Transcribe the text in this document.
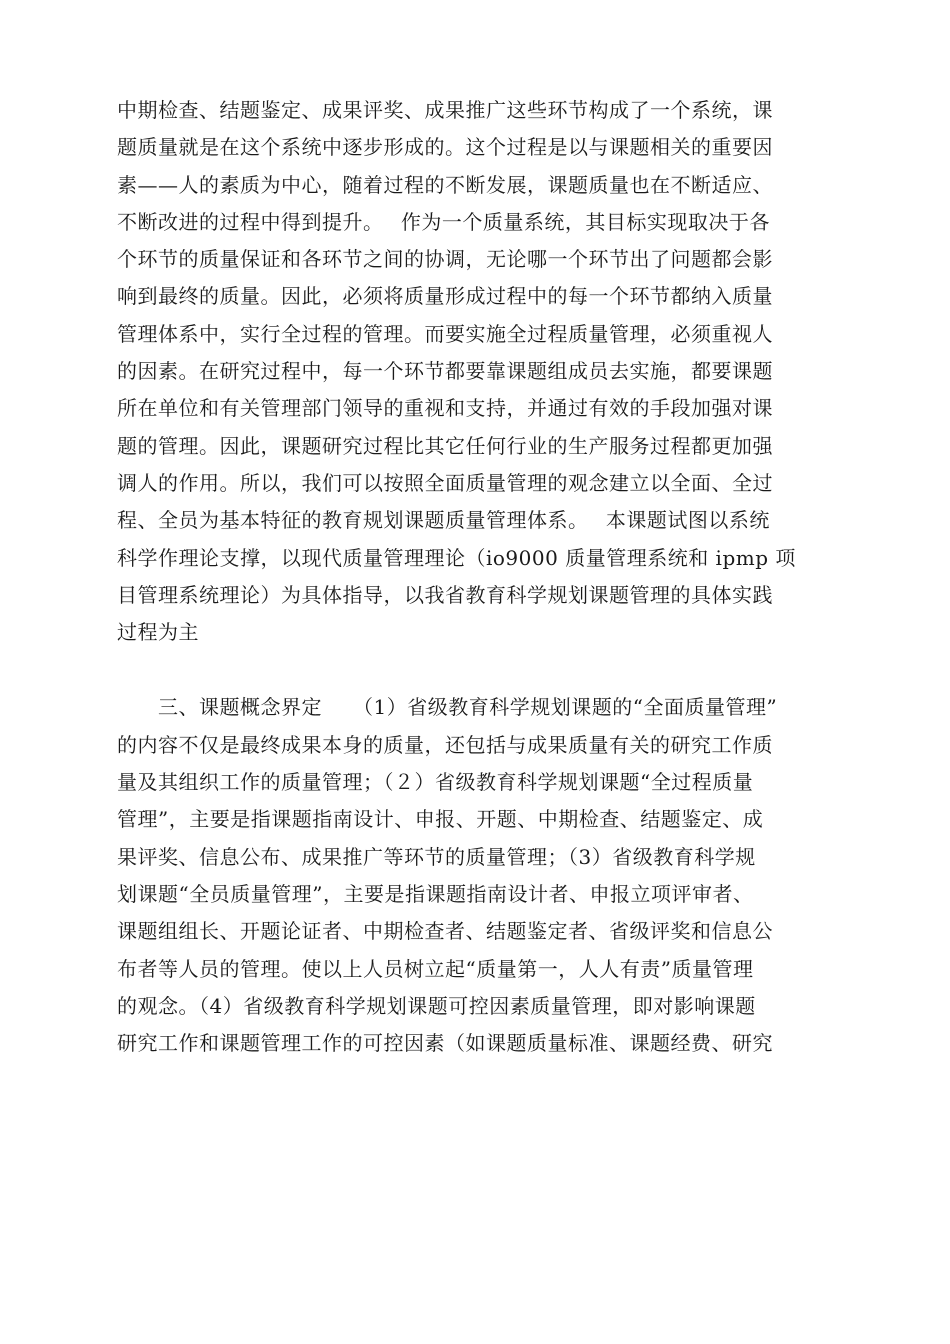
中期检查、结题鉴定、成果评奖、成果推广这些环节构成了一个系统，课
题质量就是在这个系统中逐步形成的。这个过程是以与课题相关的重要因
素——人的素质为中心，随着过程的不断发展，课题质量也在不断适应、
不断改进的过程中得到提升。　 作为一个质量系统，其目标实现取决于各
个环节的质量保证和各环节之间的协调，无论哪一个环节出了问题都会影
响到最终的质量。因此，必须将质量形成过程中的每一个环节都纳入质量
管理体系中，实行全过程的管理。而要实施全过程质量管理，必须重视人
的因素。在研究过程中，每一个环节都要靠课题组成员去实施，都要课题
所在单位和有关管理部门领导的重视和支持，并通过有效的手段加强对课
题的管理。因此，课题研究过程比其它任何行业的生产服务过程都更加强
调人的作用。所以，我们可以按照全面质量管理的观念建立以全面、全过
程、全员为基本特征的教育规划课题质量管理体系。　 本课题试图以系统
科学作理论支撑，以现代质量管理理论（io9000 质量管理系统和 ipmp 项
目管理系统理论）为具体指导，以我省教育科学规划课题管理的具体实践
过程为主
　　三、课题概念界定　　（1）省级教育科学规划课题的“全面质量管理”
的内容不仅是最终成果本身的质量，还包括与成果质量有关的研究工作质
量及其组织工作的质量管理；（２）省级教育科学规划课题“全过程质量
管理”，主要是指课题指南设计、申报、开题、中期检查、结题鉴定、成
果评奖、信息公布、成果推广等环节的质量管理；（3）省级教育科学规
划课题“全员质量管理”，主要是指课题指南设计者、申报立项评审者、
课题组组长、开题论证者、中期检查者、结题鉴定者、省级评奖和信息公
布者等人员的管理。使以上人员树立起“质量第一，人人有责”质量管理
的观念。（4）省级教育科学规划课题可控因素质量管理，即对影响课题
研究工作和课题管理工作的可控因素（如课题质量标准、课题经费、研究
